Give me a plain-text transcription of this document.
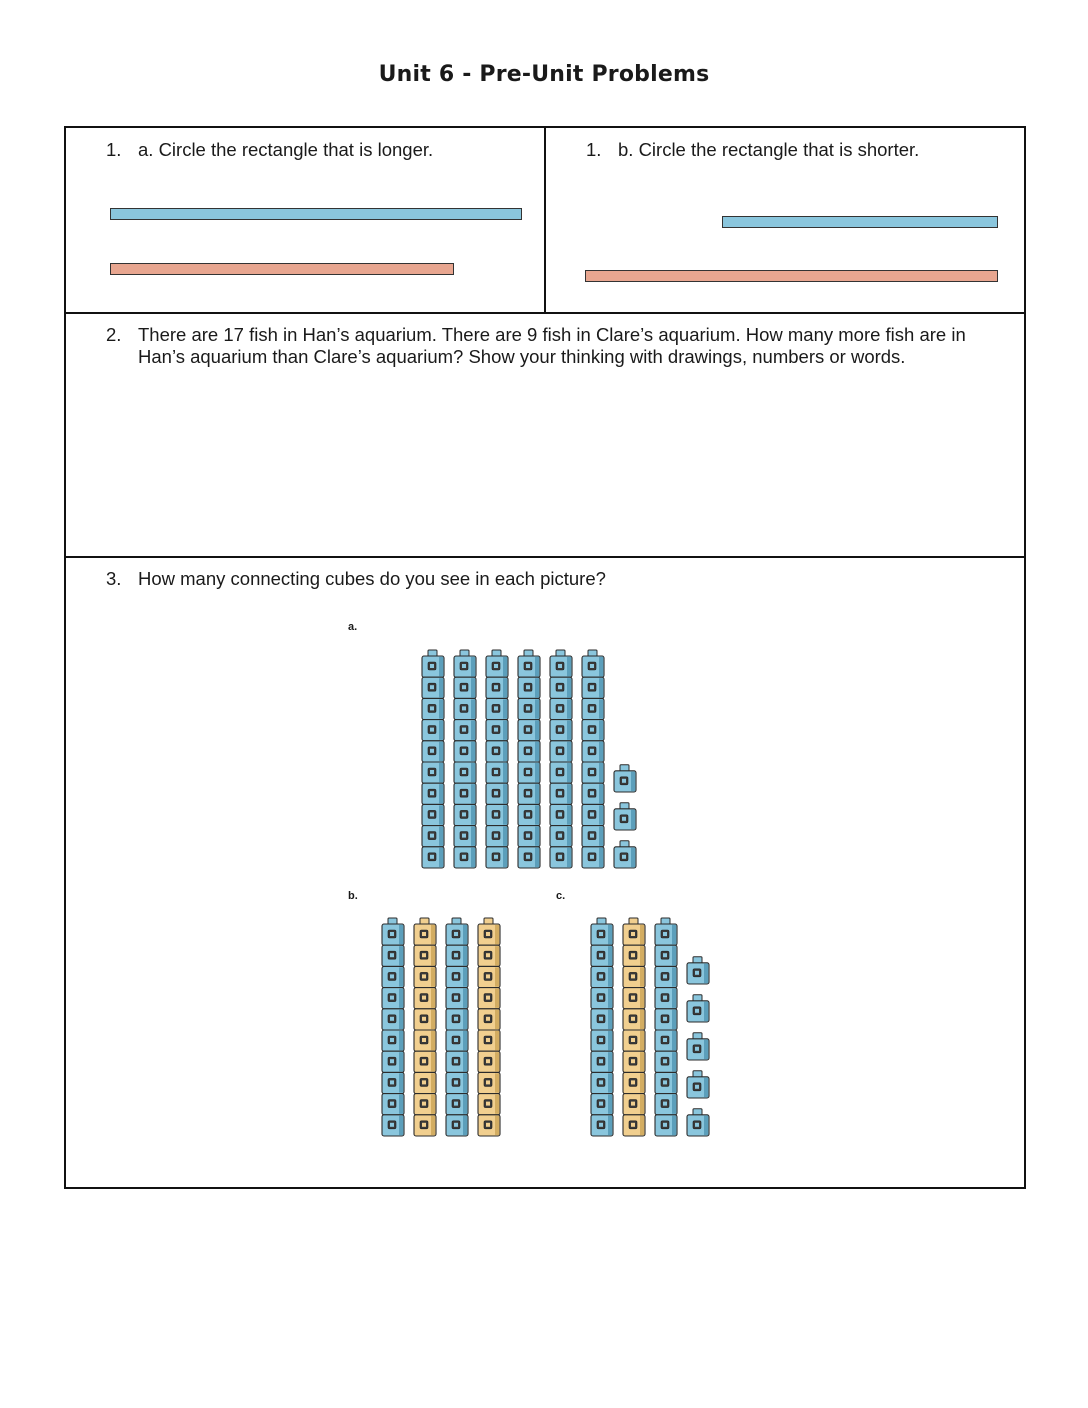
Unit 6 - Pre-Unit Problems
1. a. Circle the rectangle that is longer.	1. b. Circle the rectangle that is shorter.
2. There are 17 fish in Han’s aquarium. There are 9 fish in Clare’s aquarium. How many more fish are in
Han’s aquarium than Clare’s aquarium? Show your thinking with drawings, numbers or words.
3. How many connecting cubes do you see in each picture?
a.
b.	c.
